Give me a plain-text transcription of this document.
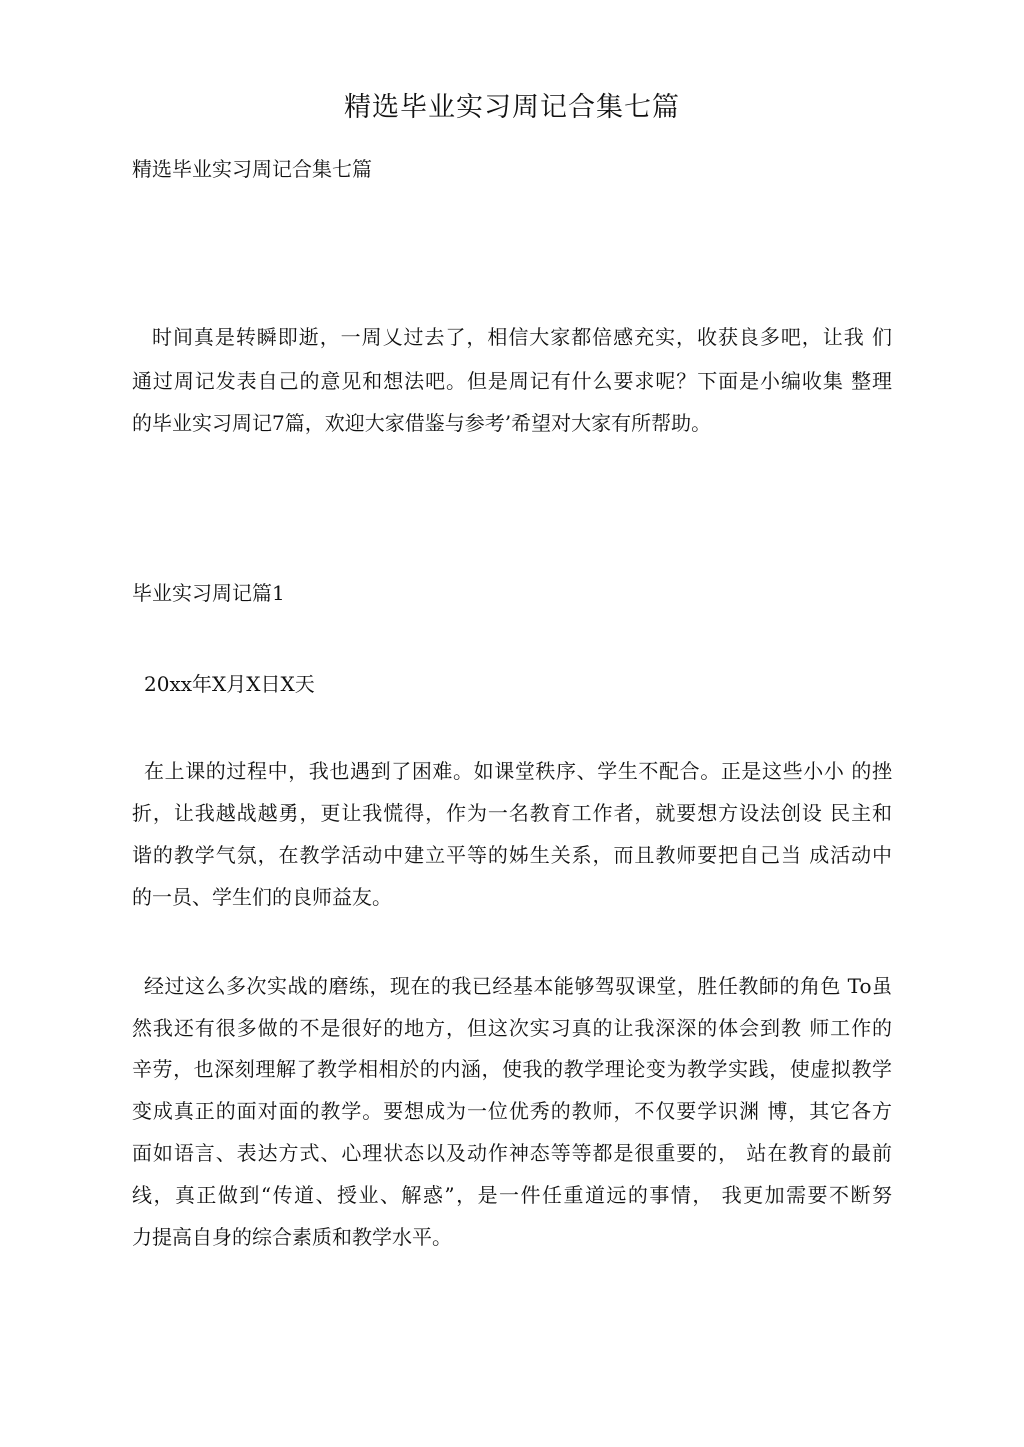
精选毕业实习周记合集七篇
精选毕业实习周记合集七篇
时间真是转瞬即逝，一周乂过去了，相信大家都倍感充实，收获良多吧，让我 们
通过周记发表自己的意见和想法吧。但是周记有什么要求呢？下面是小编收集 整理
的毕业实习周记7篇，欢迎大家借鉴与参考’希望对大家有所帮助。
毕业实习周记篇1
20xx年X月X日X天
在上课的过程中，我也遇到了困难。如课堂秩序、学生不配合。正是这些小小 的挫
折，让我越战越勇，更让我慌得，作为一名教育工作者，就要想方设法创设 民主和
谐的教学气氛，在教学活动中建立平等的姊生关系，而且教师要把自己当 成活动中
的一员、学生们的良师益友。
经过这么多次实战的磨练，现在的我已经基本能够驾驭课堂，胜任教師的角色 To虽
然我还有很多做的不是很好的地方，但这次实习真的让我深深的体会到教 师工作的
辛劳，也深刻理解了教学相相於的内涵，使我的教学理论变为教学实践，使虚拟教学
变成真正的面对面的教学。要想成为一位优秀的教师，不仅要学识渊 博，其它各方
面如语言、表达方式、心理状态以及动作神态等等都是很重要的， 站在教育的最前
线，真正做到“传道、授业、解惑”，是一件任重道远的事情， 我更加需要不断努
力提高自身的综合素质和教学水平。
